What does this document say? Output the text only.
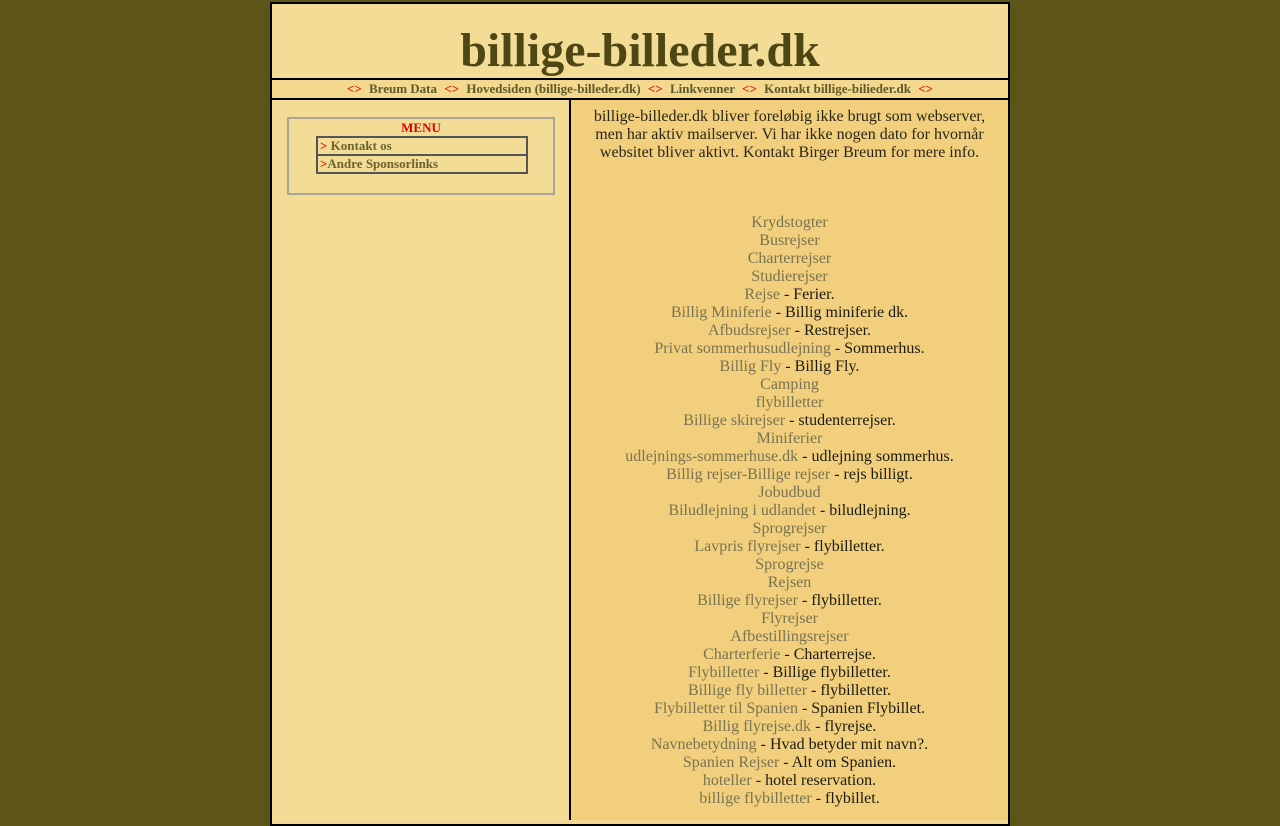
billige-billeder.dk
<> Breum Data <> Hovedsiden (billige-billeder.dk) <> Linkvenner <> Kontakt billige-bilieder.dk <>
MENU
> Kontakt os
>Andre Sponsorlinks
billige-billeder.dk bliver foreløbig ikke brugt som webserver, men har aktiv mailserver. Vi har ikke nogen dato for hvornår websitet bliver aktivt. Kontakt Birger Breum for mere info.
Krydstogter
Busrejser
Charterrejser
Studierejser
Rejse - Ferier.
Billig Miniferie - Billig miniferie dk.
Afbudsrejser - Restrejser.
Privat sommerhusudlejning - Sommerhus.
Billig Fly - Billig Fly.
Camping
flybilletter
Billige skirejser - studenterrejser.
Miniferier
udlejnings-sommerhuse.dk - udlejning sommerhus.
Billig rejser-Billige rejser - rejs billigt.
Jobudbud
Biludlejning i udlandet - biludlejning.
Sprogrejser
Lavpris flyrejser - flybilletter.
Sprogrejse
Rejsen
Billige flyrejser - flybilletter.
Flyrejser
Afbestillingsrejser
Charterferie - Charterrejse.
Flybilletter - Billige flybilletter.
Billige fly billetter - flybilletter.
Flybilletter til Spanien - Spanien Flybillet.
Billig flyrejse.dk - flyrejse.
Navnebetydning - Hvad betyder mit navn?.
Spanien Rejser - Alt om Spanien.
hoteller - hotel reservation.
billige flybilletter - flybillet.
